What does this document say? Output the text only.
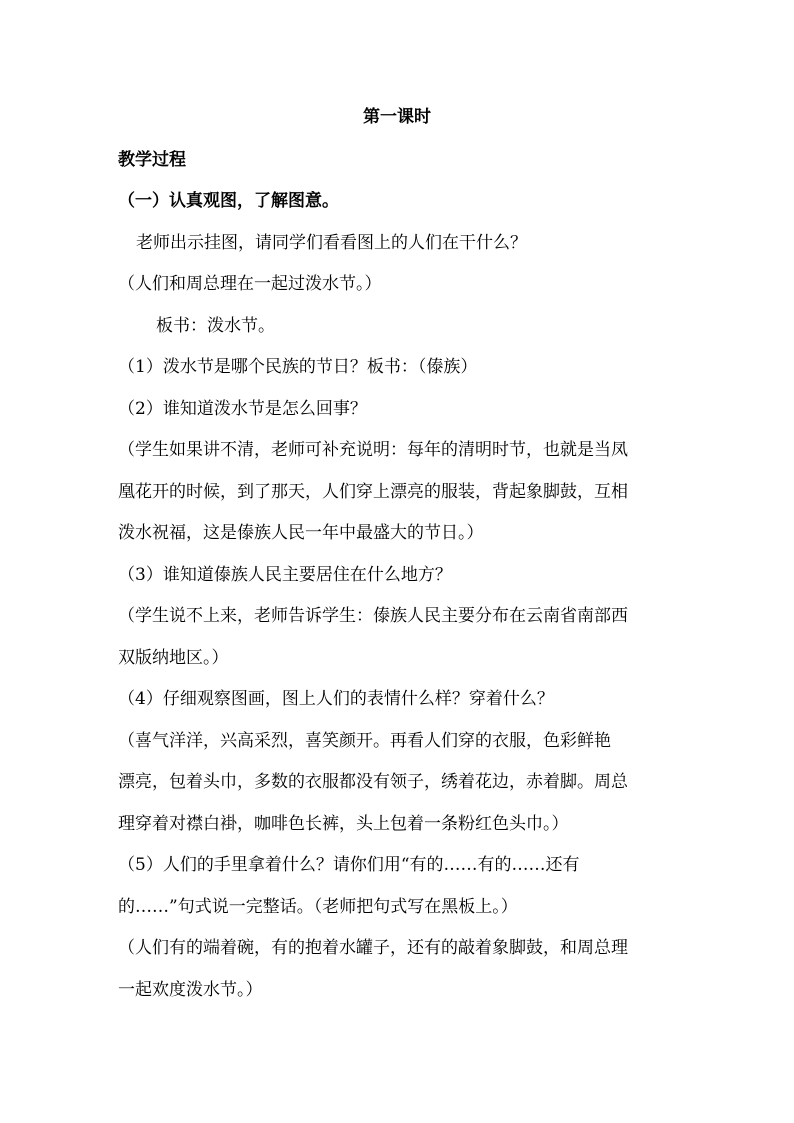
第一课时
教学过程
（一）认真观图，了解图意。
老师出示挂图，请同学们看看图上的人们在干什么？
（人们和周总理在一起过泼水节。）
板书：泼水节。
（1）泼水节是哪个民族的节日？板书：（傣族）
（2）谁知道泼水节是怎么回事？
（学生如果讲不清，老师可补充说明：每年的清明时节，也就是当凤
凰花开的时候，到了那天，人们穿上漂亮的服装，背起象脚鼓，互相
泼水祝福，这是傣族人民一年中最盛大的节日。）
（3）谁知道傣族人民主要居住在什么地方？
（学生说不上来，老师告诉学生：傣族人民主要分布在云南省南部西
双版纳地区。）
（4）仔细观察图画，图上人们的表情什么样？穿着什么？
（喜气洋洋，兴高采烈，喜笑颜开。再看人们穿的衣服，色彩鲜艳
漂亮，包着头巾，多数的衣服都没有领子，绣着花边，赤着脚。周总
理穿着对襟白褂，咖啡色长裤，头上包着一条粉红色头巾。）
（5）人们的手里拿着什么？请你们用“有的……有的……还有
的……”句式说一完整话。（老师把句式写在黑板上。）
（人们有的端着碗，有的抱着水罐子，还有的敲着象脚鼓，和周总理
一起欢度泼水节。）
